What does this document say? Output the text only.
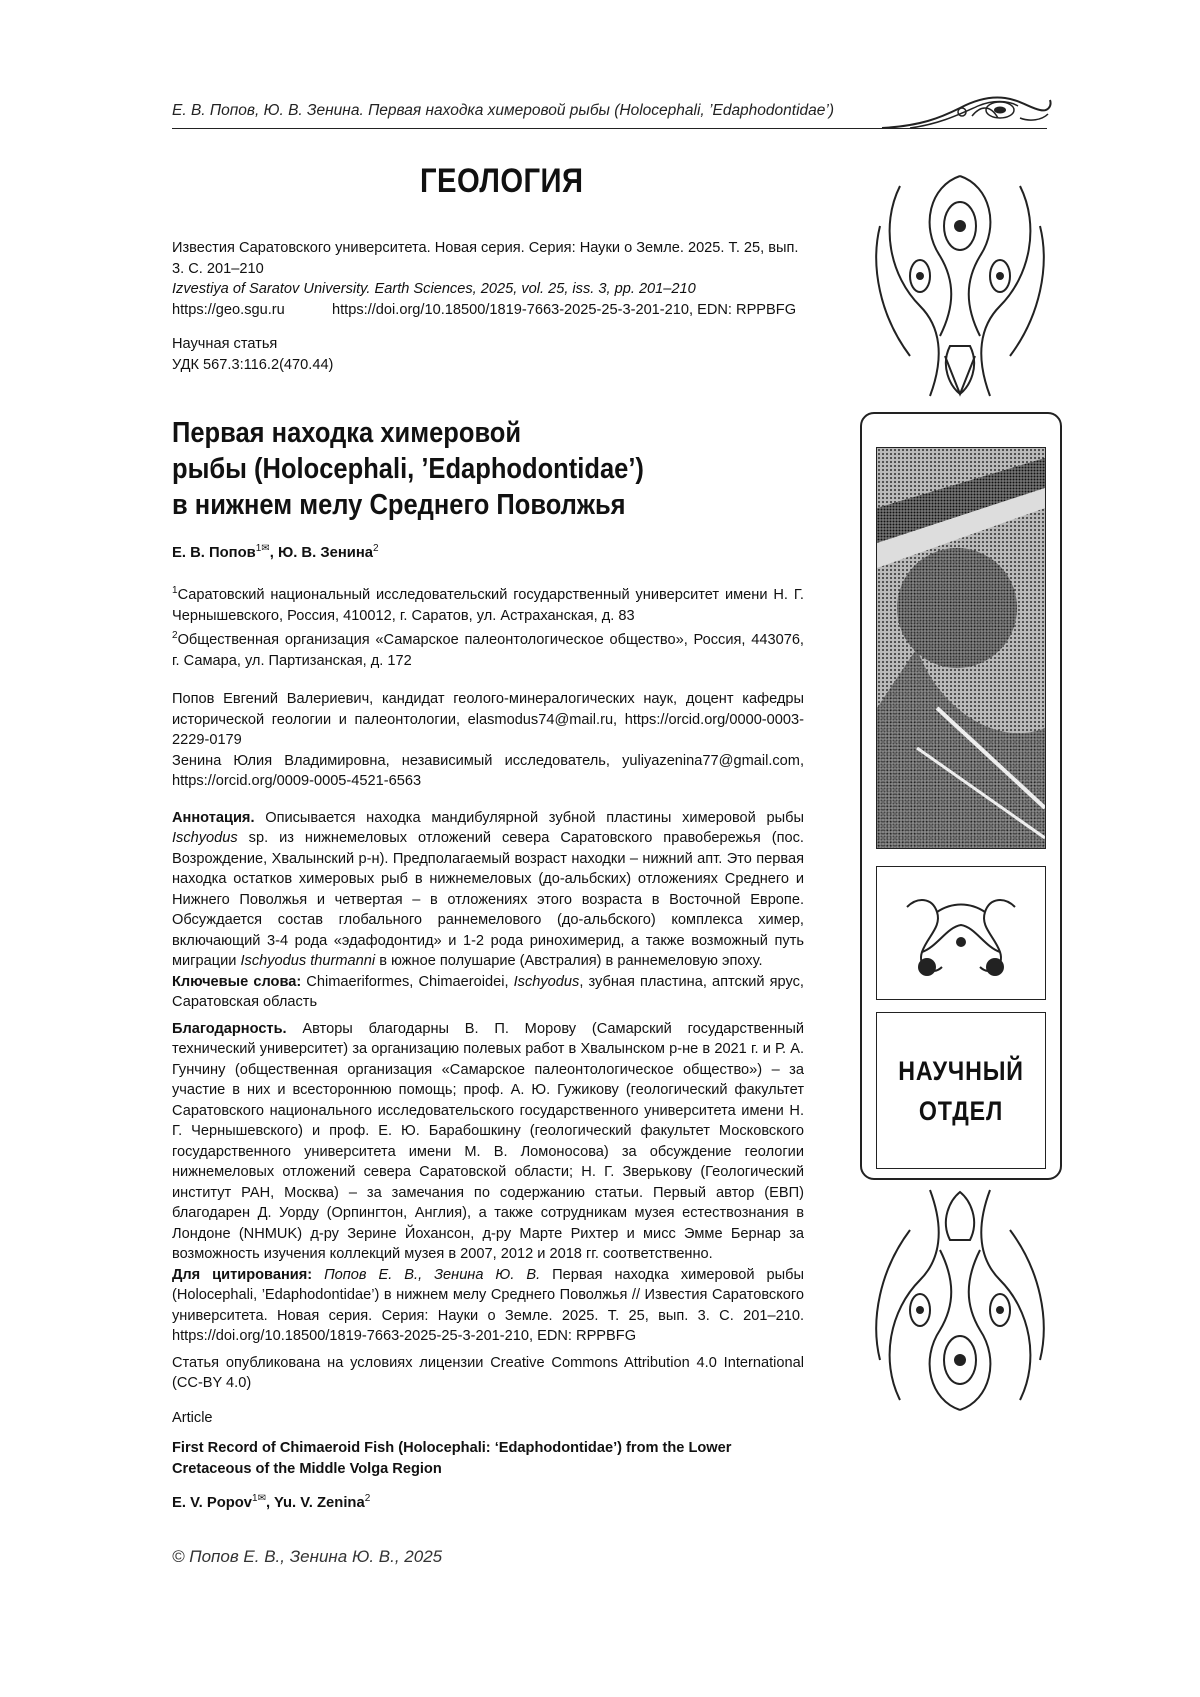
Е. В. Попов, Ю. В. Зенина. Первая находка химеровой рыбы (Holocephali, ’Edaphodontidae’)
ГЕОЛОГИЯ

Известия Саратовского университета. Новая серия. Серия: Науки о Земле. 2025. Т. 25, вып. 3. С. 201–210

Izvestiya of Saratov University. Earth Sciences, 2025, vol. 25, iss. 3, pp. 201–210

https://geo.sgu.ru	https://doi.org/10.18500/1819-7663-2025-25-3-201-210, EDN: RPPBFG

Научная статья

УДК 567.3:116.2(470.44)

Первая находка химеровой
рыбы (Holocephali, ’Edaphodontidae’)
в нижнем мелу Среднего Поволжья
Е. В. Попов1✉, Ю. В. Зенина2

1Саратовский национальный исследовательский государственный университет имени Н. Г. Чернышевского, Россия, 410012, г. Саратов, ул. Астраханская, д. 83

2Общественная организация «Самарское палеонтологическое общество», Россия, 443076, г. Самара, ул. Партизанская, д. 172

Попов Евгений Валериевич, кандидат геолого-минералогических наук, доцент кафедры исторической геологии и палеонтологии, elasmodus74@mail.ru, https://orcid.org/0000-0003-2229-0179

Зенина Юлия Владимировна, независимый исследователь, yuliyazenina77@gmail.com, https://orcid.org/0009-0005-4521-6563

Аннотация. Описывается находка мандибулярной зубной пластины химеровой рыбы Ischyodus sp. из нижнемеловых отложений севера Саратовского правобережья (пос. Возрождение, Хвалынский р-н). Предполагаемый возраст находки – нижний апт. Это первая находка остатков химеровых рыб в нижнемеловых (до-альбских) отложениях Среднего и Нижнего Поволжья и четвертая – в отложениях этого возраста в Восточной Европе. Обсуждается состав глобального раннемелового (до-альбского) комплекса химер, включающий 3-4 рода «эдафодонтид» и 1-2 рода ринохимерид, а также возможный путь миграции Ischyodus thurmanni в южное полушарие (Австралия) в раннемеловую эпоху.

Ключевые слова: Chimaeriformes, Chimaeroidei, Ischyodus, зубная пластина, аптский ярус, Саратовская область

Благодарность. Авторы благодарны В. П. Морову (Самарский государственный технический университет) за организацию полевых работ в Хвалынском р-не в 2021 г. и Р. А. Гунчину (общественная организация «Самарское палеонтологическое общество») – за участие в них и всестороннюю помощь; проф. А. Ю. Гужикову (геологический факультет Саратовского национального исследовательского государственного университета имени Н. Г. Чернышевского) и проф. Е. Ю. Барабошкину (геологический факультет Московского государственного университета имени М. В. Ломоносова) за обсуждение геологии нижнемеловых отложений севера Саратовской области; Н. Г. Зверькову (Геологический институт РАН, Москва) – за замечания по содержанию статьи. Первый автор (ЕВП) благодарен Д. Уорду (Орпингтон, Англия), а также сотрудникам музея естествознания в Лондоне (NHMUK) д-ру Зерине Йохансон, д-ру Марте Рихтер и мисс Эмме Бернар за возможность изучения коллекций музея в 2007, 2012 и 2018 гг. соответственно.

Для цитирования: Попов Е. В., Зенина Ю. В. Первая находка химеровой рыбы (Holocephali, ’Edaphodontidae’) в нижнем мелу Среднего Поволжья // Известия Саратовского университета. Новая серия. Серия: Науки о Земле. 2025. Т. 25, вып. 3. С. 201–210. https://doi.org/10.18500/1819-7663-2025-25-3-201-210, EDN: RPPBFG

Статья опубликована на условиях лицензии Creative Commons Attribution 4.0 International (CC-BY 4.0)

Article

First Record of Chimaeroid Fish (Holocephali: ‘Edaphodontidae’) from the Lower Cretaceous of the Middle Volga Region

E. V. Popov1✉, Yu. V. Zenina2
© Попов Е. В., Зенина Ю. В., 2025
НАУЧНЫЙ
ОТДЕЛ
